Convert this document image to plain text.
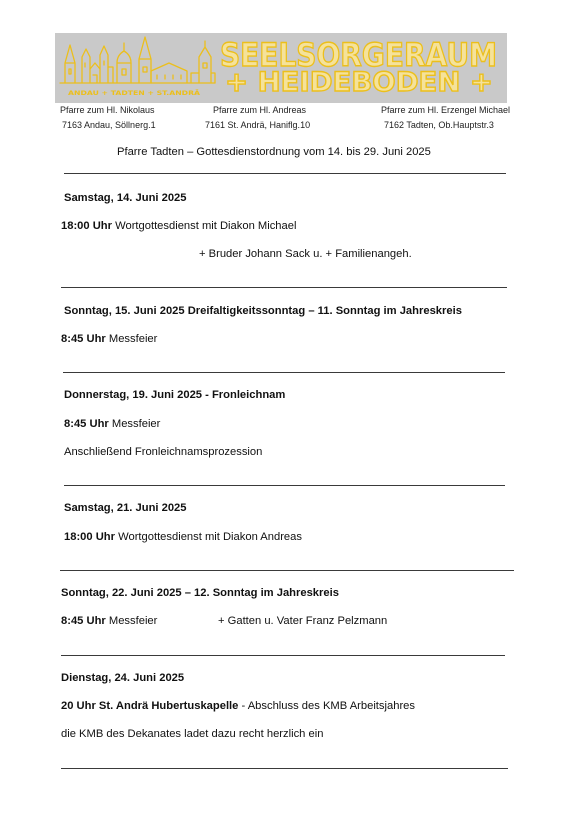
ANDAU + TADTEN + ST.ANDRÄ
SEELSORGERAUM
+ HEIDEBODEN +
Pfarre zum Hl. Nikolaus
7163 Andau, Söllnerg.1
Pfarre zum Hl. Andreas
7161 St. Andrä, Haniflg.10
Pfarre zum Hl. Erzengel Michael
7162 Tadten, Ob.Hauptstr.3
Pfarre Tadten – Gottesdienstordnung vom 14. bis 29. Juni 2025
Samstag, 14. Juni 2025
18:00 Uhr Wortgottesdienst mit Diakon Michael
+ Bruder Johann Sack u. + Familienangeh.
Sonntag, 15. Juni 2025 Dreifaltigkeitssonntag – 11. Sonntag im Jahreskreis
8:45 Uhr Messfeier
Donnerstag, 19. Juni 2025 - Fronleichnam
8:45 Uhr Messfeier
Anschließend Fronleichnamsprozession
Samstag, 21. Juni 2025
18:00 Uhr Wortgottesdienst mit Diakon Andreas
Sonntag, 22. Juni 2025 – 12. Sonntag im Jahreskreis
8:45 Uhr Messfeier	+ Gatten u. Vater Franz Pelzmann
Dienstag, 24. Juni 2025
20 Uhr St. Andrä Hubertuskapelle - Abschluss des KMB Arbeitsjahres
die KMB des Dekanates ladet dazu recht herzlich ein
